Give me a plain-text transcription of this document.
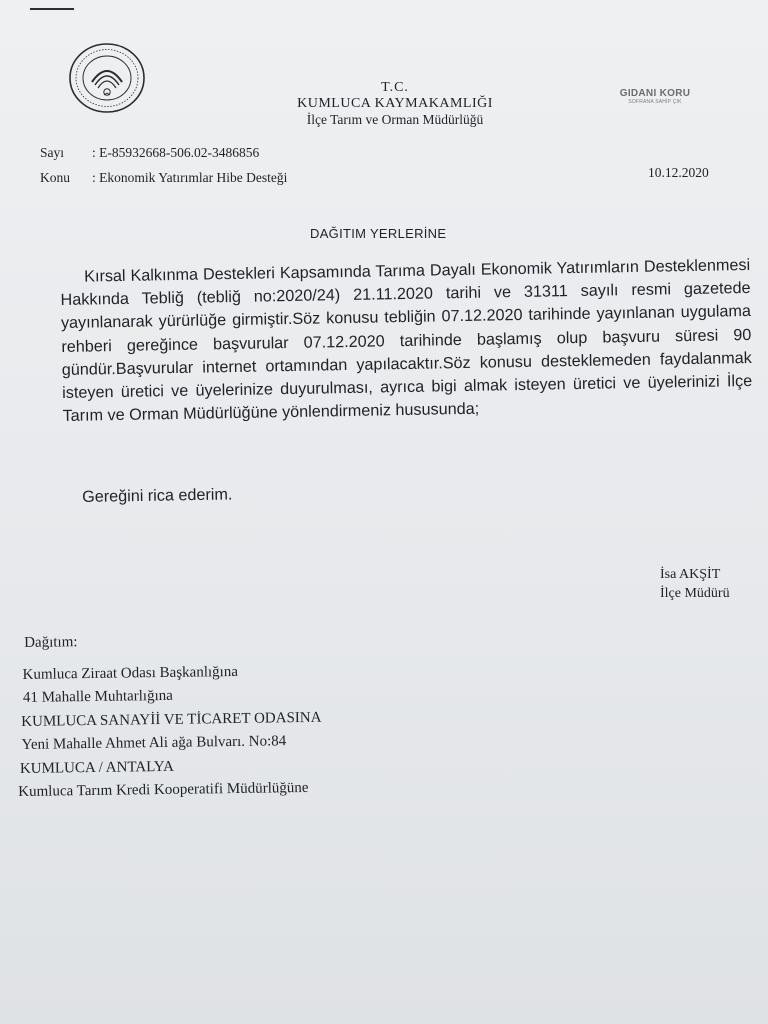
T.C.
KUMLUCA KAYMAKAMLIĞI
İlçe Tarım ve Orman Müdürlüğü
GIDANI KORU
SOFRANA SAHİP ÇIK
Sayı : E-85932668-506.02-3486856
Konu : Ekonomik Yatırımlar Hibe Desteği	10.12.2020
DAĞITIM YERLERİNE
Kırsal Kalkınma Destekleri Kapsamında Tarıma Dayalı Ekonomik Yatırımların Desteklenmesi Hakkında Tebliğ (tebliğ no:2020/24) 21.11.2020 tarihi ve 31311 sayılı resmi gazetede yayınlanarak yürürlüğe girmiştir.Söz konusu tebliğin 07.12.2020 tarihinde yayınlanan uygulama rehberi gereğince başvurular 07.12.2020 tarihinde başlamış olup başvuru süresi 90 gündür.Başvurular internet ortamından yapılacaktır.Söz konusu desteklemeden faydalanmak isteyen üretici ve üyelerinize duyurulması, ayrıca bigi almak isteyen üretici ve üyelerinizi İlçe Tarım ve Orman Müdürlüğüne yönlendirmeniz hususunda;
Gereğini rica ederim.
İsa AKŞİT
İlçe Müdürü
Dağıtım:
Kumluca Ziraat Odası Başkanlığına
41 Mahalle Muhtarlığına
KUMLUCA SANAYİİ VE TİCARET ODASINA
Yeni Mahalle Ahmet Ali ağa Bulvarı. No:84
KUMLUCA / ANTALYA
Kumluca Tarım Kredi Kooperatifi Müdürlüğüne
